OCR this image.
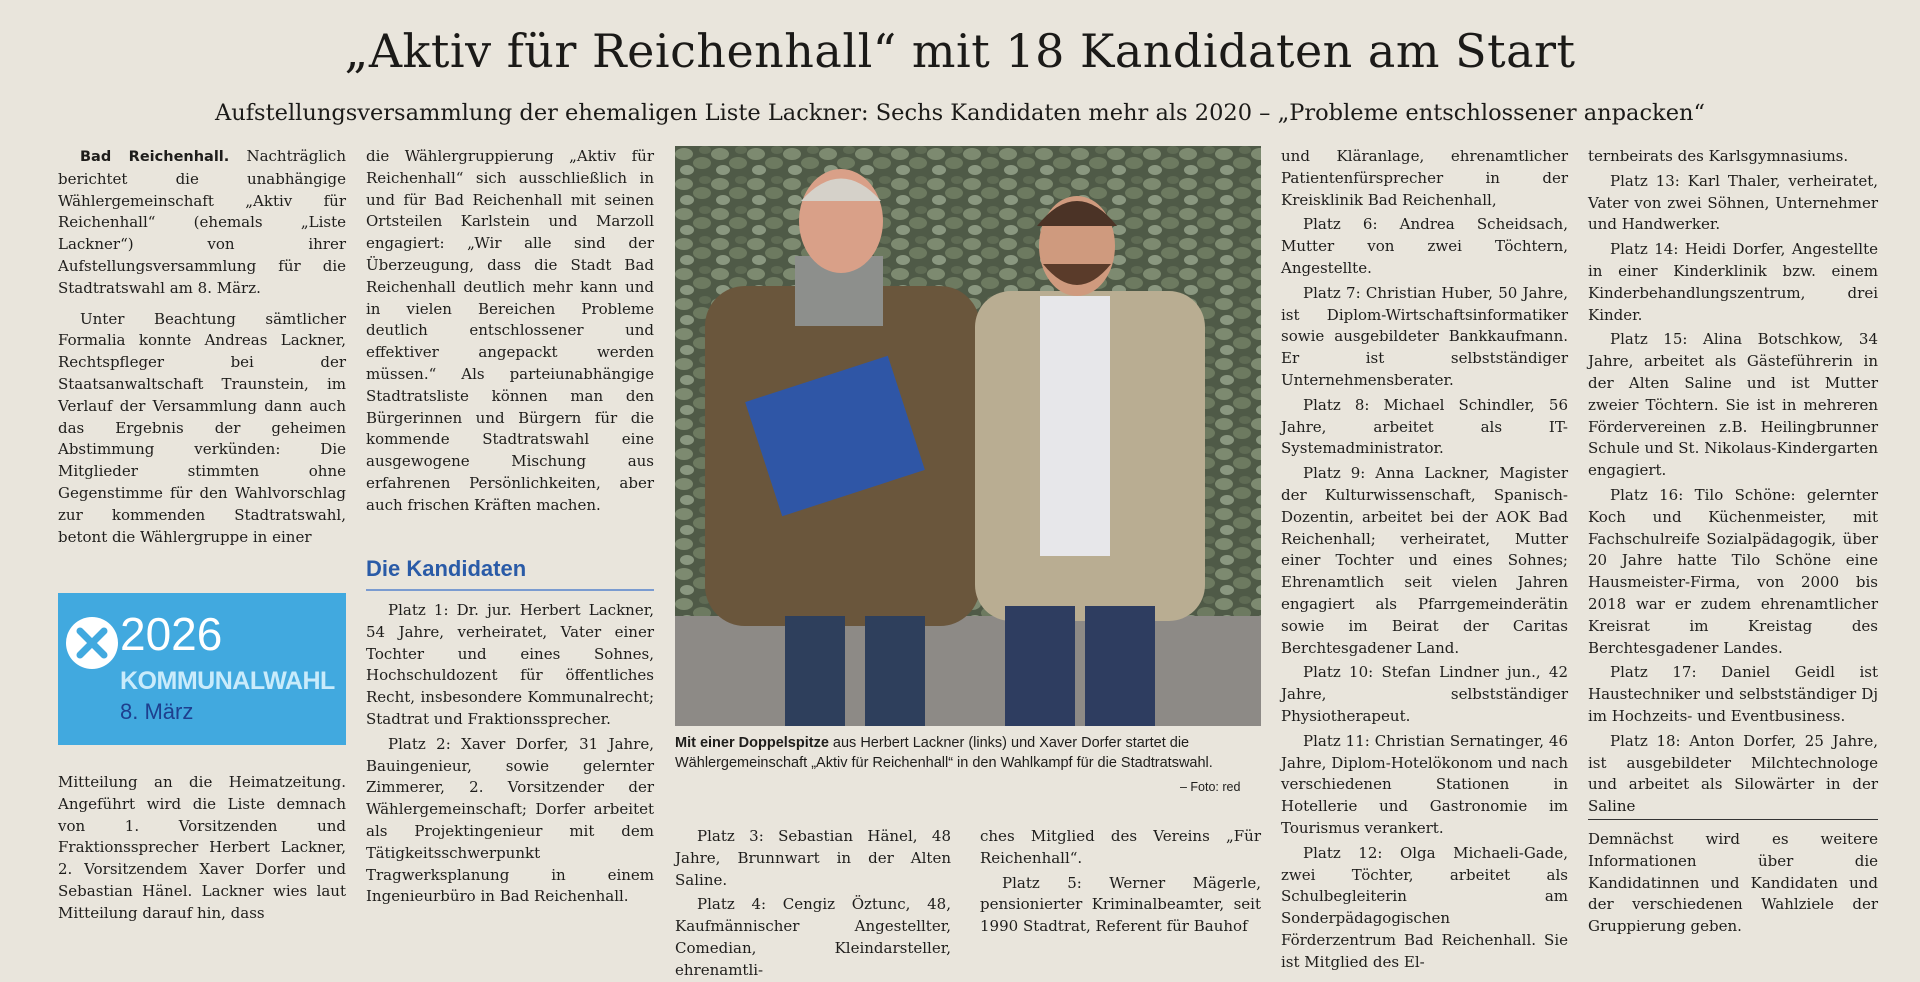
„Aktiv für Reichenhall“ mit 18 Kandidaten am Start
Aufstellungsversammlung der ehemaligen Liste Lackner: Sechs Kandidaten mehr als 2020 – „Probleme entschlossener anpacken“

Bad Reichenhall. Nachträglich berichtet die unabhängige Wählergemeinschaft „Aktiv für Reichenhall“ (ehemals „Liste Lackner“) von ihrer Aufstellungsversammlung für die Stadtratswahl am 8. März.

Unter Beachtung sämtlicher Formalia konnte Andreas Lackner, Rechtspfleger bei der Staatsanwaltschaft Traunstein, im Verlauf der Versammlung dann auch das Ergebnis der geheimen Abstimmung verkünden: Die Mitglieder stimmten ohne Gegenstimme für den Wahlvorschlag zur kommenden Stadtratswahl, betont die Wählergruppe in einer

2026
KOMMUNALWAHL
8. März

Mitteilung an die Heimatzeitung. Angeführt wird die Liste demnach von 1. Vorsitzenden und Fraktionssprecher Herbert Lackner, 2. Vorsitzendem Xaver Dorfer und Sebastian Hänel. Lackner wies laut Mitteilung darauf hin, dass

die Wählergruppierung „Aktiv für Reichenhall“ sich ausschließlich in und für Bad Reichenhall mit seinen Ortsteilen Karlstein und Marzoll engagiert: „Wir alle sind der Überzeugung, dass die Stadt Bad Reichenhall deutlich mehr kann und in vielen Bereichen Probleme deutlich entschlossener und effektiver angepackt werden müssen.“ Als parteiunabhängige Stadtratsliste können man den Bürgerinnen und Bürgern für die kommende Stadtratswahl eine ausgewogene Mischung aus erfahrenen Persönlichkeiten, aber auch frischen Kräften machen.

Die Kandidaten

Platz 1: Dr. jur. Herbert Lackner, 54 Jahre, verheiratet, Vater einer Tochter und eines Sohnes, Hochschuldozent für öffentliches Recht, insbesondere Kommunalrecht; Stadtrat und Fraktionssprecher.

Platz 2: Xaver Dorfer, 31 Jahre, Bauingenieur, sowie gelernter Zimmerer, 2. Vorsitzender der Wählergemeinschaft; Dorfer arbeitet als Projektingenieur mit dem Tätigkeitsschwerpunkt Tragwerksplanung in einem Ingenieurbüro in Bad Reichenhall.

Mit einer Doppelspitze aus Herbert Lackner (links) und Xaver Dorfer startet die Wählergemeinschaft „Aktiv für Reichenhall“ in den Wahlkampf für die Stadtratswahl.
– Foto: red

Platz 3: Sebastian Hänel, 48 Jahre, Brunnwart in der Alten Saline.

Platz 4: Cengiz Öztunc, 48, Kaufmännischer Angestellter, Comedian, Kleindarsteller, ehrenamtli-

ches Mitglied des Vereins „Für Reichenhall“.

Platz 5: Werner Mägerle, pensionierter Kriminalbeamter, seit 1990 Stadtrat, Referent für Bauhof

und Kläranlage, ehrenamtlicher Patientenfürsprecher in der Kreisklinik Bad Reichenhall,

Platz 6: Andrea Scheidsach, Mutter von zwei Töchtern, Angestellte.

Platz 7: Christian Huber, 50 Jahre, ist Diplom-Wirtschaftsinformatiker sowie ausgebildeter Bankkaufmann. Er ist selbstständiger Unternehmensberater.

Platz 8: Michael Schindler, 56 Jahre, arbeitet als IT-Systemadministrator.

Platz 9: Anna Lackner, Magister der Kulturwissenschaft, Spanisch-Dozentin, arbeitet bei der AOK Bad Reichenhall; verheiratet, Mutter einer Tochter und eines Sohnes; Ehrenamtlich seit vielen Jahren engagiert als Pfarrgemeinderätin sowie im Beirat der Caritas Berchtesgadener Land.

Platz 10: Stefan Lindner jun., 42 Jahre, selbstständiger Physiotherapeut.

Platz 11: Christian Sernatinger, 46 Jahre, Diplom-Hotelökonom und nach verschiedenen Stationen in Hotellerie und Gastronomie im Tourismus verankert.

Platz 12: Olga Michaeli-Gade, zwei Töchter, arbeitet als Schulbegleiterin am Sonderpädagogischen Förderzentrum Bad Reichenhall. Sie ist Mitglied des El-

ternbeirats des Karlsgymnasiums.

Platz 13: Karl Thaler, verheiratet, Vater von zwei Söhnen, Unternehmer und Handwerker.

Platz 14: Heidi Dorfer, Angestellte in einer Kinderklinik bzw. einem Kinderbehandlungszentrum, drei Kinder.

Platz 15: Alina Botschkow, 34 Jahre, arbeitet als Gästeführerin in der Alten Saline und ist Mutter zweier Töchtern. Sie ist in mehreren Fördervereinen z.B. Heilingbrunner Schule und St. Nikolaus-Kindergarten engagiert.

Platz 16: Tilo Schöne: gelernter Koch und Küchenmeister, mit Fachschulreife Sozialpädagogik, über 20 Jahre hatte Tilo Schöne eine Hausmeister-Firma, von 2000 bis 2018 war er zudem ehrenamtlicher Kreisrat im Kreistag des Berchtesgadener Landes.

Platz 17: Daniel Geidl ist Haustechniker und selbstständiger Dj im Hochzeits- und Eventbusiness.

Platz 18: Anton Dorfer, 25 Jahre, ist ausgebildeter Milchtechnologe und arbeitet als Silowärter in der Saline

Demnächst wird es weitere Informationen über die Kandidatinnen und Kandidaten und der verschiedenen Wahlziele der Gruppierung geben.
